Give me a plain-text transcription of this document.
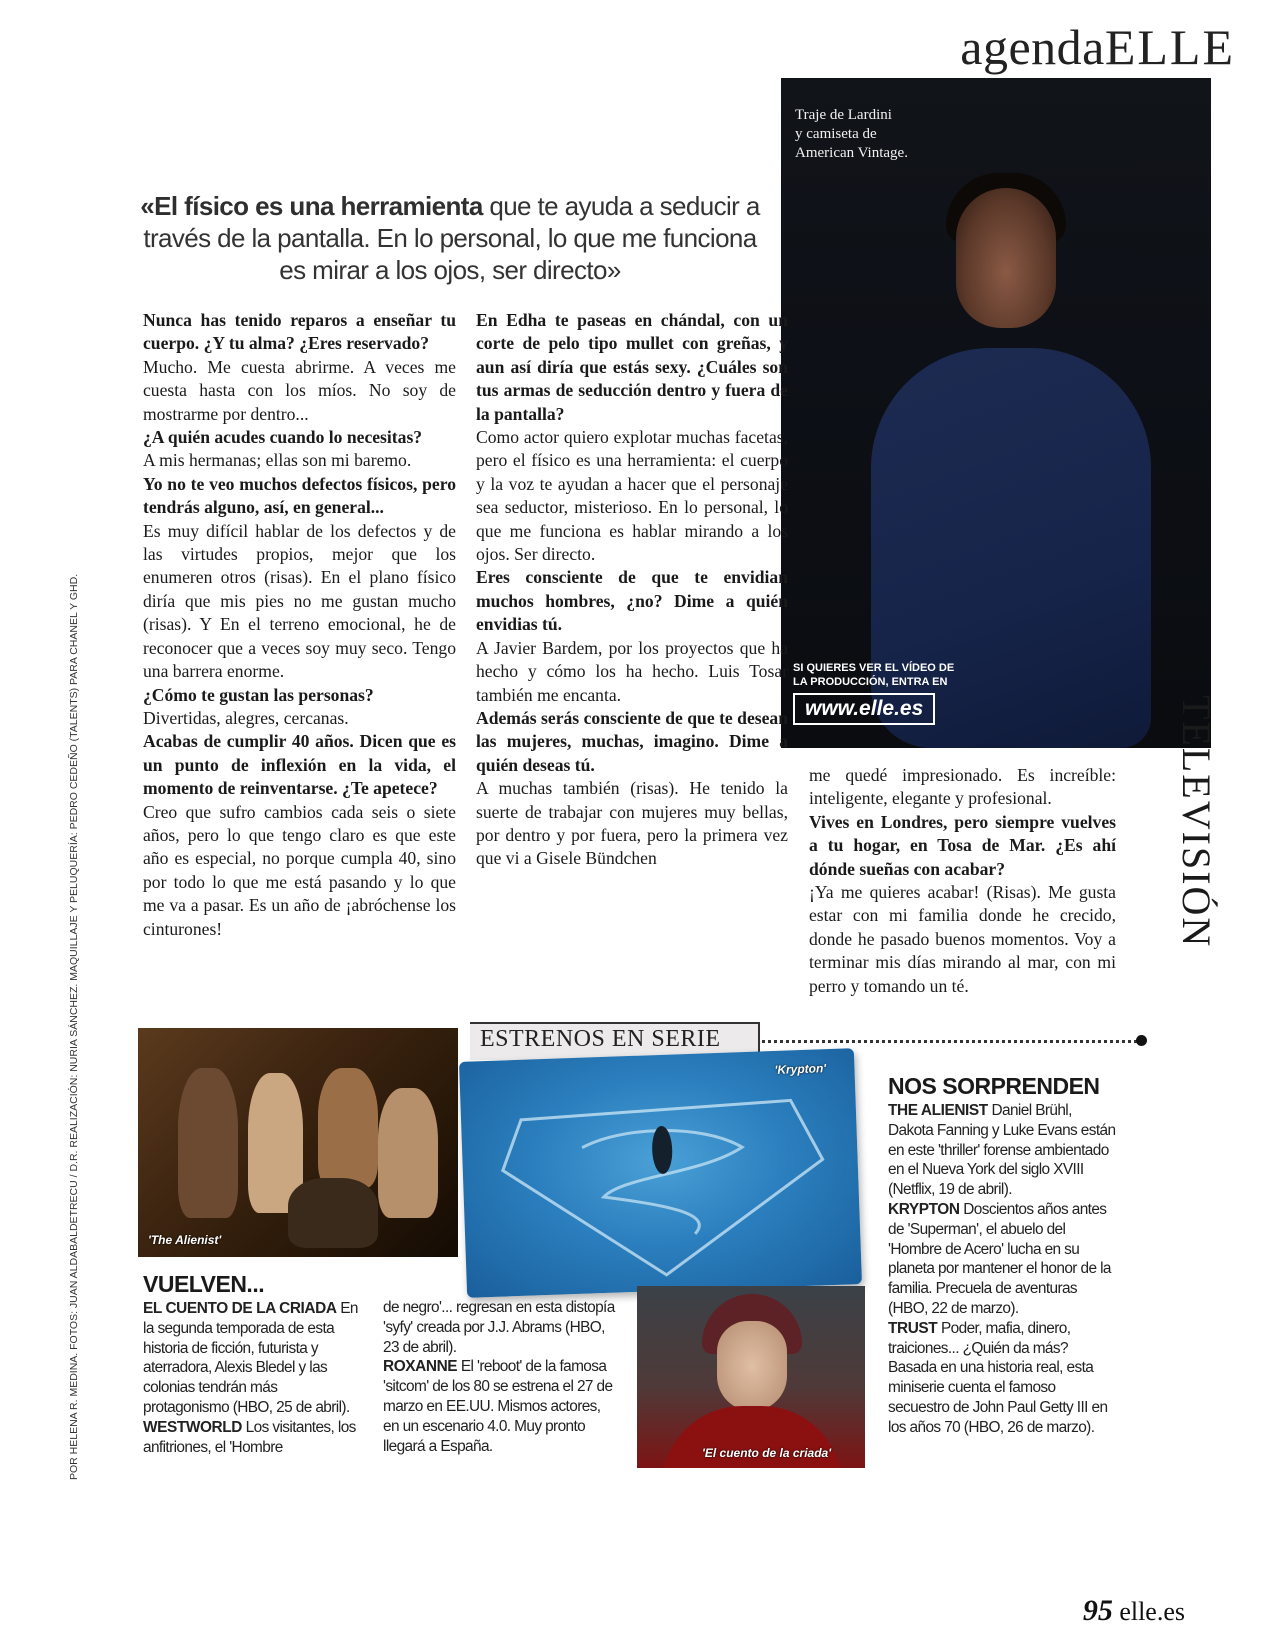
agendaELLE
Traje de Lardini
y camiseta de
American Vintage.
SI QUIERES VER EL VÍDEO DE
LA PRODUCCIÓN, ENTRA EN
www.elle.es	TELEVISIÓN
POR HELENA R. MEDINA. FOTOS: JUAN ALDABALDETRECU / D.R. REALIZACIÓN: NURIA SÁNCHEZ. MAQUILLAJE Y PELUQUERÍA: PEDRO CEDEÑO (TALENTS) PARA CHANEL Y GHD.
«El físico es una herramienta que te ayuda a seducir a través de la pantalla. En lo personal, lo que me funciona es mirar a los ojos, ser directo»

Nunca has tenido reparos a enseñar tu cuerpo. ¿Y tu alma? ¿Eres reservado?

Mucho. Me cuesta abrirme. A veces me cuesta hasta con los míos. No soy de mostrarme por dentro...

¿A quién acudes cuando lo necesitas?

A mis hermanas; ellas son mi baremo.

Yo no te veo muchos defectos físicos, pero tendrás alguno, así, en general...

Es muy difícil hablar de los defectos y de las virtudes propios, mejor que los enumeren otros (risas). En el plano físico diría que mis pies no me gustan mucho (risas). Y En el terreno emocional, he de reconocer que a veces soy muy seco. Tengo una barrera enorme.

¿Cómo te gustan las personas?

Divertidas, alegres, cercanas.

Acabas de cumplir 40 años. Dicen que es un punto de inflexión en la vida, el momento de reinventarse. ¿Te apetece?

Creo que sufro cambios cada seis o siete años, pero lo que tengo claro es que este año es especial, no porque cumpla 40, sino por todo lo que me está pasando y lo que me va a pasar. Es un año de ¡abróchense los cinturones!

En Edha te paseas en chándal, con un corte de pelo tipo mullet con greñas, y aun así diría que estás sexy. ¿Cuáles son tus armas de seducción dentro y fuera de la pantalla?

Como actor quiero explotar muchas facetas, pero el físico es una herramienta: el cuerpo y la voz te ayudan a hacer que el personaje sea seductor, misterioso. En lo personal, lo que me funciona es hablar mirando a los ojos. Ser directo.

Eres consciente de que te envidian muchos hombres, ¿no? Dime a quién envidias tú.

A Javier Bardem, por los proyectos que ha hecho y cómo los ha hecho. Luis Tosar también me encanta.

Además serás consciente de que te desean las mujeres, muchas, imagino. Dime a quién deseas tú.

A muchas también (risas). He tenido la suerte de trabajar con mujeres muy bellas, por dentro y por fuera, pero la primera vez que vi a Gisele Bündchen

me quedé impresionado. Es increíble: inteligente, elegante y profesional.

Vives en Londres, pero siempre vuelves a tu hogar, en Tosa de Mar. ¿Es ahí dónde sueñas con acabar?

¡Ya me quieres acabar! (Risas). Me gusta estar con mi familia donde he crecido, donde he pasado buenos momentos. Voy a terminar mis días mirando al mar, con mi perro y tomando un té.

ESTRENOS EN SERIE
'The Alienist'
'Krypton'
'El cuento de la criada'
VUELVEN...
EL CUENTO DE LA CRIADA En la segunda temporada de esta historia de ficción, futurista y aterradora, Alexis Bledel y las colonias tendrán más protagonismo (HBO, 25 de abril).
WESTWORLD Los visitantes, los anfitriones, el 'Hombre
de negro'... regresan en esta distopía 'syfy' creada por J.J. Abrams (HBO, 23 de abril).
ROXANNE El 'reboot' de la famosa 'sitcom' de los 80 se estrena el 27 de marzo en EE.UU. Mismos actores, en un escenario 4.0. Muy pronto llegará a España.
NOS SORPRENDEN
THE ALIENIST Daniel Brühl, Dakota Fanning y Luke Evans están en este 'thriller' forense ambientado en el Nueva York del siglo XVIII (Netflix, 19 de abril).
KRYPTON Doscientos años antes de 'Superman', el abuelo del 'Hombre de Acero' lucha en su planeta por mantener el honor de la familia. Precuela de aventuras (HBO, 22 de marzo).
TRUST Poder, mafia, dinero, traiciones... ¿Quién da más? Basada en una historia real, esta miniserie cuenta el famoso secuestro de John Paul Getty III en los años 70 (HBO, 26 de marzo).
95 elle.es
